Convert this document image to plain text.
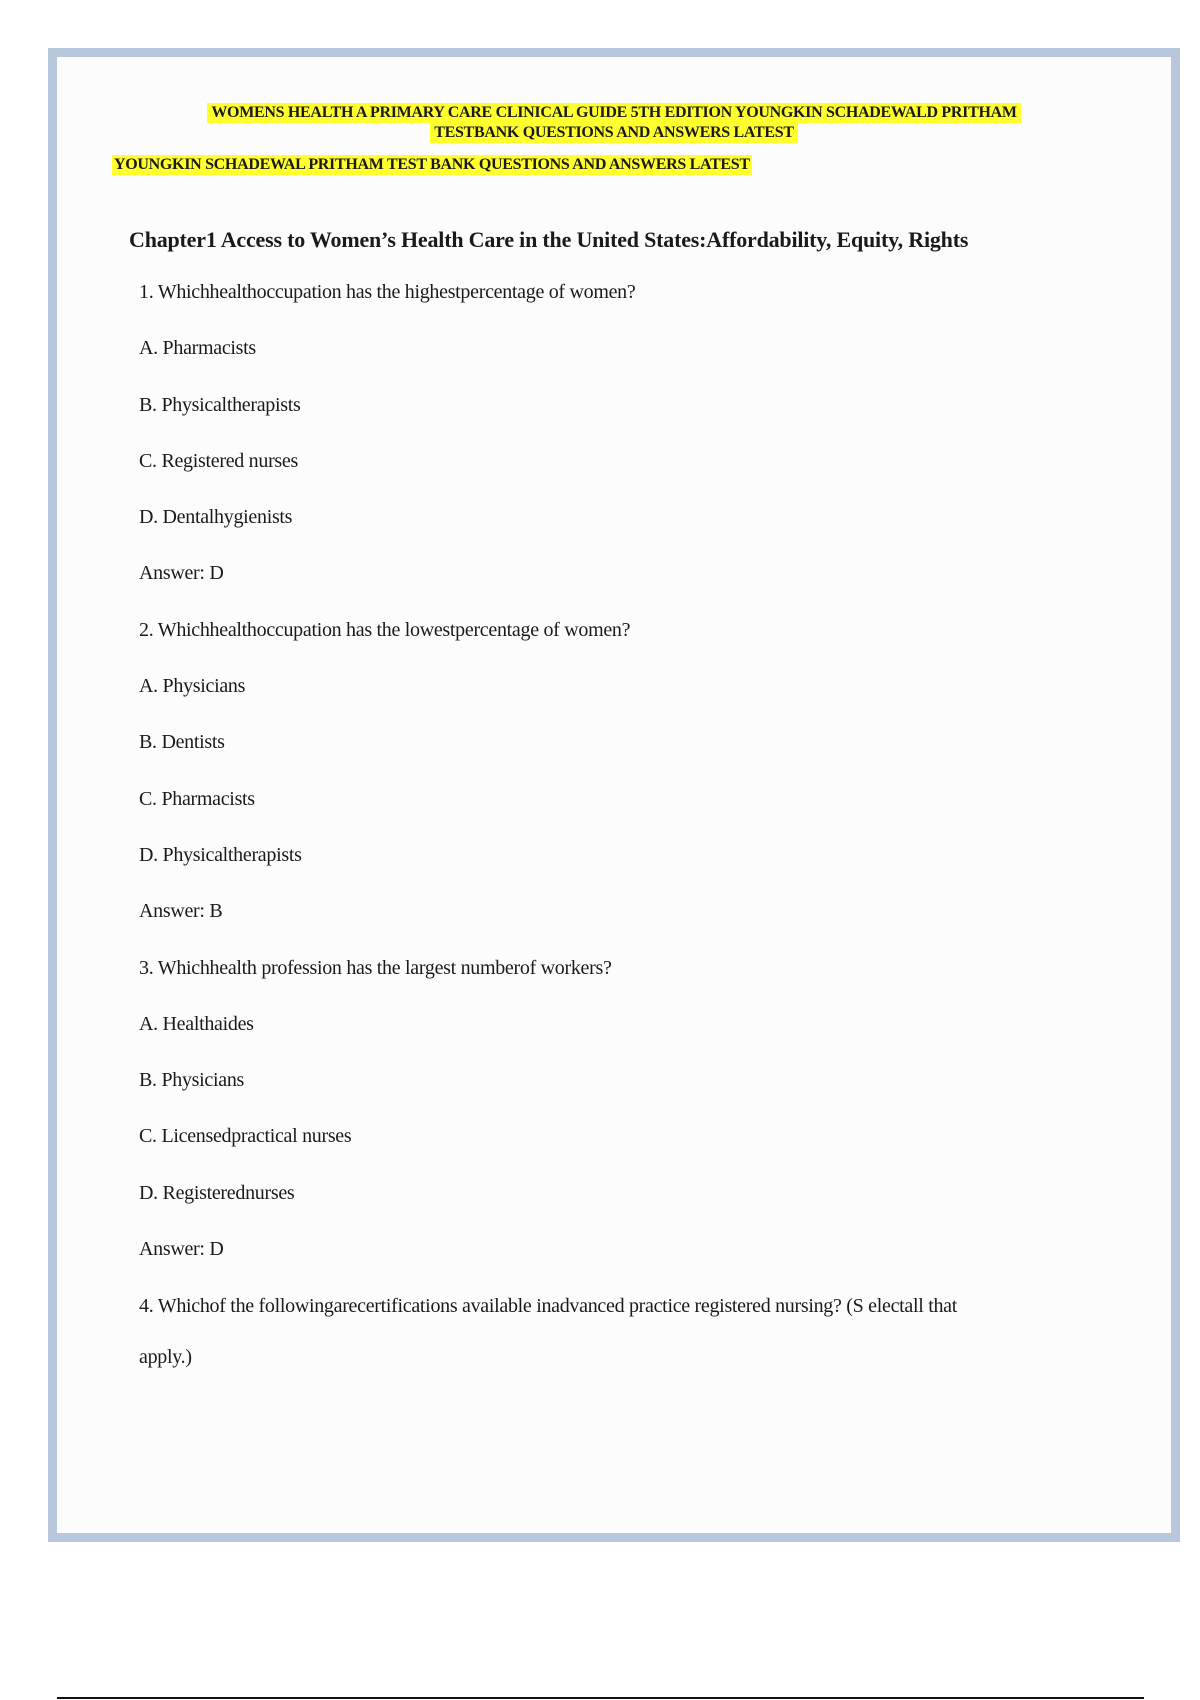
WOMENS HEALTH A PRIMARY CARE CLINICAL GUIDE 5TH EDITION YOUNGKIN SCHADEWALD PRITHAM
TESTBANK QUESTIONS AND ANSWERS LATEST
YOUNGKIN SCHADEWAL PRITHAM TEST BANK QUESTIONS AND ANSWERS LATEST
Chapter1 Access to Women’s Health Care in the United States:Affordability, Equity, Rights
1. Whichhealthoccupation has the highestpercentage of women?
A. Pharmacists
B. Physicaltherapists
C. Registered nurses
D. Dentalhygienists
Answer: D
2. Whichhealthoccupation has the lowestpercentage of women?
A. Physicians
B. Dentists
C. Pharmacists
D. Physicaltherapists
Answer: B
3. Whichhealth profession has the largest numberof workers?
A. Healthaides
B. Physicians
C. Licensedpractical nurses
D. Registerednurses
Answer: D
4. Whichof the followingarecertifications available inadvanced practice registered nursing? (S electall that
apply.)
